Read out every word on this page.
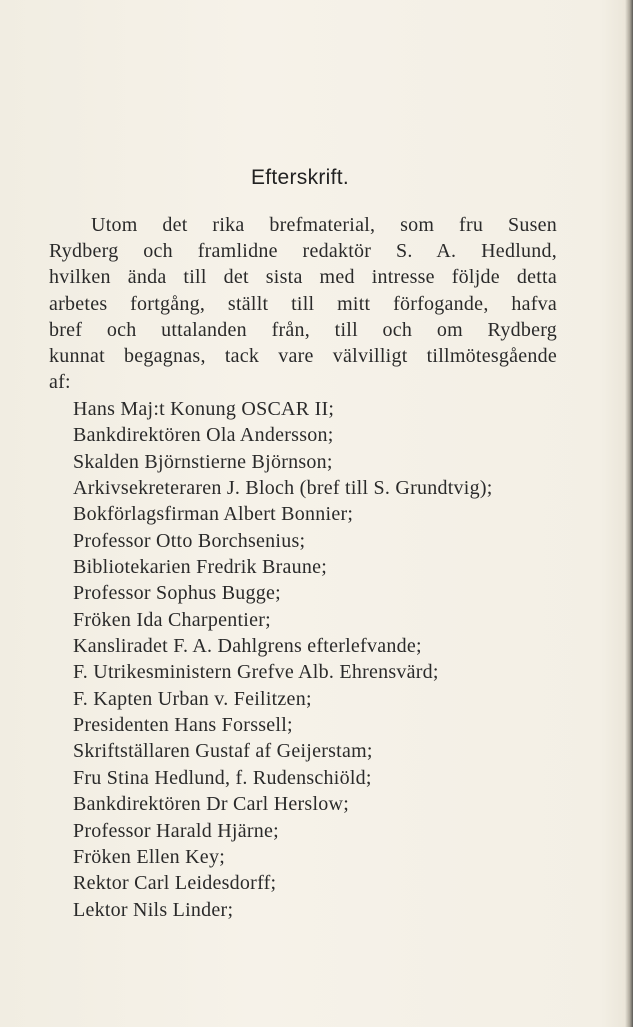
Efterskrift.
Utom det rika brefmaterial, som fru Susen
Rydberg och framlidne redaktör S. A. Hedlund,
hvilken ända till det sista med intresse följde detta
arbetes fortgång, ställt till mitt förfogande, hafva
bref och uttalanden från, till och om Rydberg
kunnat begagnas, tack vare välvilligt tillmötesgående
af:
Hans Maj:t Konung OSCAR II;
Bankdirektören Ola Andersson;
Skalden Björnstierne Björnson;
Arkivsekreteraren J. Bloch (bref till S. Grundtvig);
Bokförlagsfirman Albert Bonnier;
Professor Otto Borchsenius;
Bibliotekarien Fredrik Braune;
Professor Sophus Bugge;
Fröken Ida Charpentier;
Kansliradet F. A. Dahlgrens efterlefvande;
F. Utrikesministern Grefve Alb. Ehrensvärd;
F. Kapten Urban v. Feilitzen;
Presidenten Hans Forssell;
Skriftställaren Gustaf af Geijerstam;
Fru Stina Hedlund, f. Rudenschiöld;
Bankdirektören Dr Carl Herslow;
Professor Harald Hjärne;
Fröken Ellen Key;
Rektor Carl Leidesdorff;
Lektor Nils Linder;
